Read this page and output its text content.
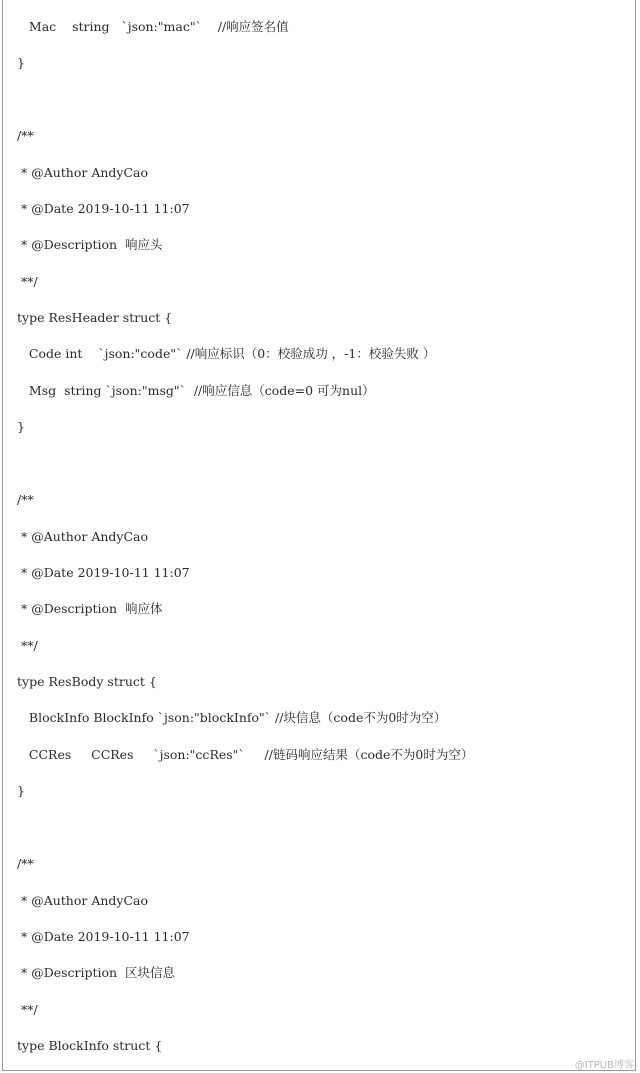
Mac    string   `json:"mac"`    //响应签名值
}
/**
* @Author AndyCao
* @Date 2019-10-11 11:07
* @Description  响应头
**/
type ResHeader struct {
Code int    `json:"code"` //响应标识（0：校验成功 ，-1：校验失败 ）
Msg  string `json:"msg"`  //响应信息（code=0 可为nul）
}
/**
* @Author AndyCao
* @Date 2019-10-11 11:07
* @Description  响应体
**/
type ResBody struct {
BlockInfo BlockInfo `json:"blockInfo"` //块信息（code不为0时为空）
CCRes     CCRes     `json:"ccRes"`     //链码响应结果（code不为0时为空）
}
/**
* @Author AndyCao
* @Date 2019-10-11 11:07
* @Description  区块信息
**/
type BlockInfo struct {
@ITPUB博客
